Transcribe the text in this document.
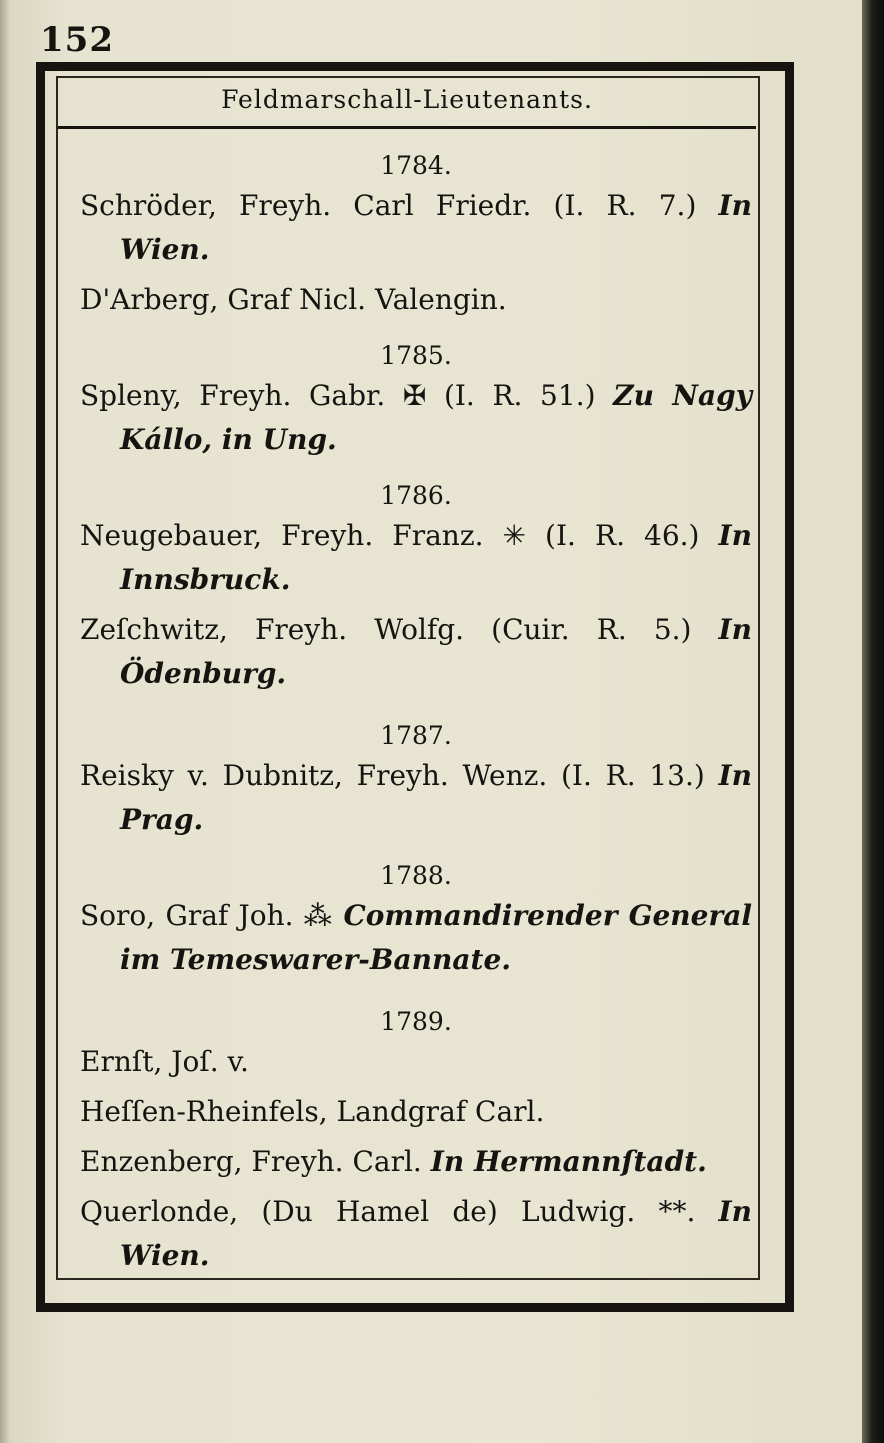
152
Feldmarschall-Lieutenants.

1784.

Schröder, Freyh. Carl Friedr. (I. R. 7.) In Wien.

D'Arberg, Graf Nicl. Valengin.

1785.

Spleny, Freyh. Gabr. ✠ (I. R. 51.) Zu Nagy Kállo, in Ung.

1786.

Neugebauer, Freyh. Franz. ✳ (I. R. 46.) In Innsbruck.

Zeſchwitz, Freyh. Wolfg. (Cuir. R. 5.) In Ödenburg.

1787.

Reisky v. Dubnitz, Freyh. Wenz. (I. R. 13.) In Prag.

1788.

Soro, Graf Joh. ⁂ Commandirender General im Temeswarer-Bannate.

1789.

Ernſt, Joſ. v.

Heſſen-Rheinfels, Landgraf Carl.

Enzenberg, Freyh. Carl. In Hermannſtadt.

Querlonde, (Du Hamel de) Ludwig. **. In Wien.
